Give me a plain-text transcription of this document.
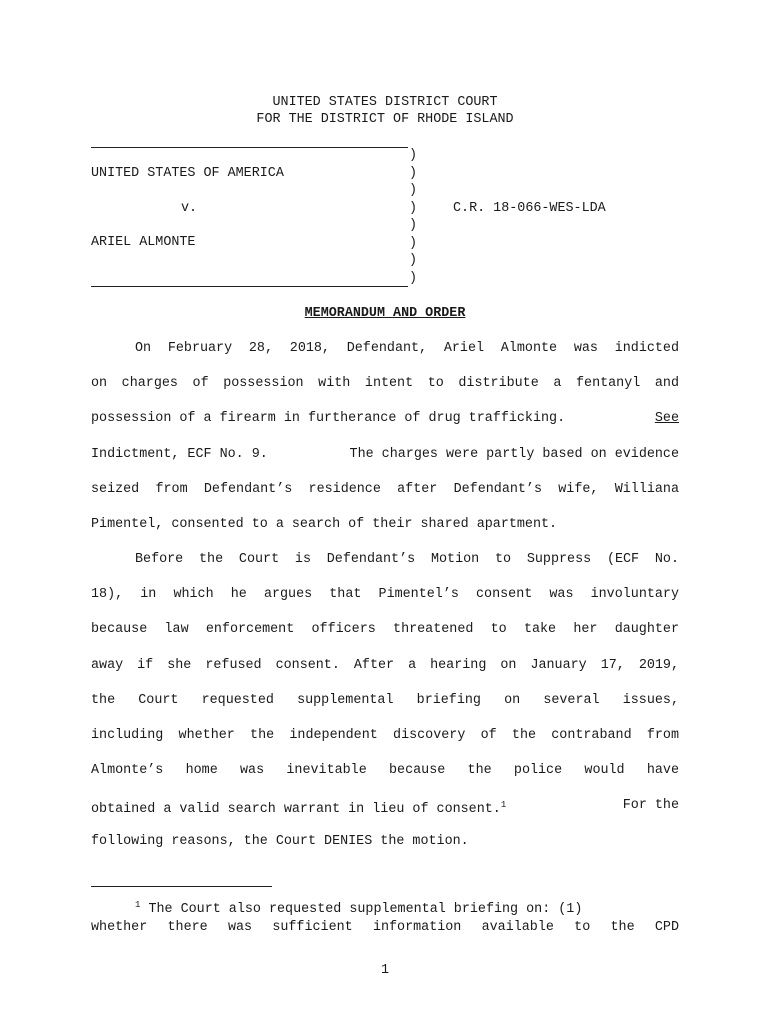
UNITED STATES DISTRICT COURT
FOR THE DISTRICT OF RHODE ISLAND
)
)
)
)
)
)
)
)
UNITED STATES OF AMERICA
v.
ARIEL ALMONTE
C.R. 18-066-WES-LDA
MEMORANDUM AND ORDER
On February 28, 2018, Defendant, Ariel Almonte was indicted
on charges of possession with intent to distribute a fentanyl and
possession of a firearm in furtherance of drug trafficking.	See
Indictment, ECF No. 9.	The charges were partly based on evidence
seized from Defendant’s residence after Defendant’s wife, Williana
Pimentel, consented to a search of their shared apartment.
Before the Court is Defendant’s Motion to Suppress (ECF No.
18), in which he argues that Pimentel’s consent was involuntary
because law enforcement officers threatened to take her daughter
away if she refused consent. After a hearing on January 17, 2019,
the Court requested supplemental briefing on several issues,
including whether the independent discovery of the contraband from
Almonte’s home was inevitable because the police would have
obtained a valid search warrant in lieu of consent.$^1$	For the
following reasons, the Court DENIES the motion.
$^1$ The Court also requested supplemental briefing on: (1)
whether there was sufficient information available to the CPD
1
